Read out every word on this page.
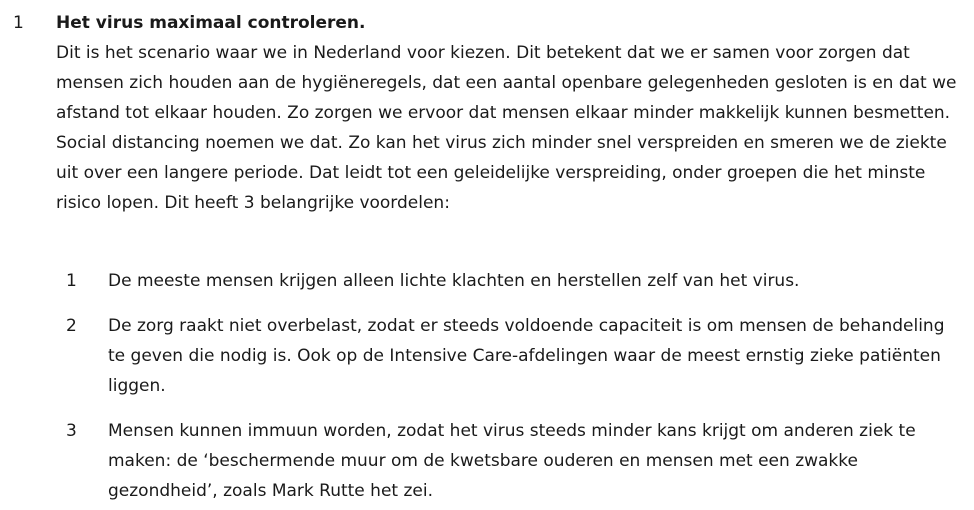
1	Het virus maximaal controleren.

Dit is het scenario waar we in Nederland voor kiezen. Dit betekent dat we er samen voor zorgen dat mensen zich houden aan de hygiëneregels, dat een aantal openbare gelegenheden gesloten is en dat we afstand tot elkaar houden. Zo zorgen we ervoor dat mensen elkaar minder makkelijk kunnen besmetten. Social distancing noemen we dat. Zo kan het virus zich minder snel verspreiden en smeren we de ziekte uit over een langere periode. Dat leidt tot een geleidelijke verspreiding, onder groepen die het minste risico lopen. Dit heeft 3 belangrijke voordelen:

1	De meeste mensen krijgen alleen lichte klachten en herstellen zelf van het virus.
2	De zorg raakt niet overbelast, zodat er steeds voldoende capaciteit is om mensen de behandeling te geven die nodig is. Ook op de Intensive Care-afdelingen waar de meest ernstig zieke patiënten liggen.
3	Mensen kunnen immuun worden, zodat het virus steeds minder kans krijgt om anderen ziek te maken: de ‘beschermende muur om de kwetsbare ouderen en mensen met een zwakke gezondheid’, zoals Mark Rutte het zei.
